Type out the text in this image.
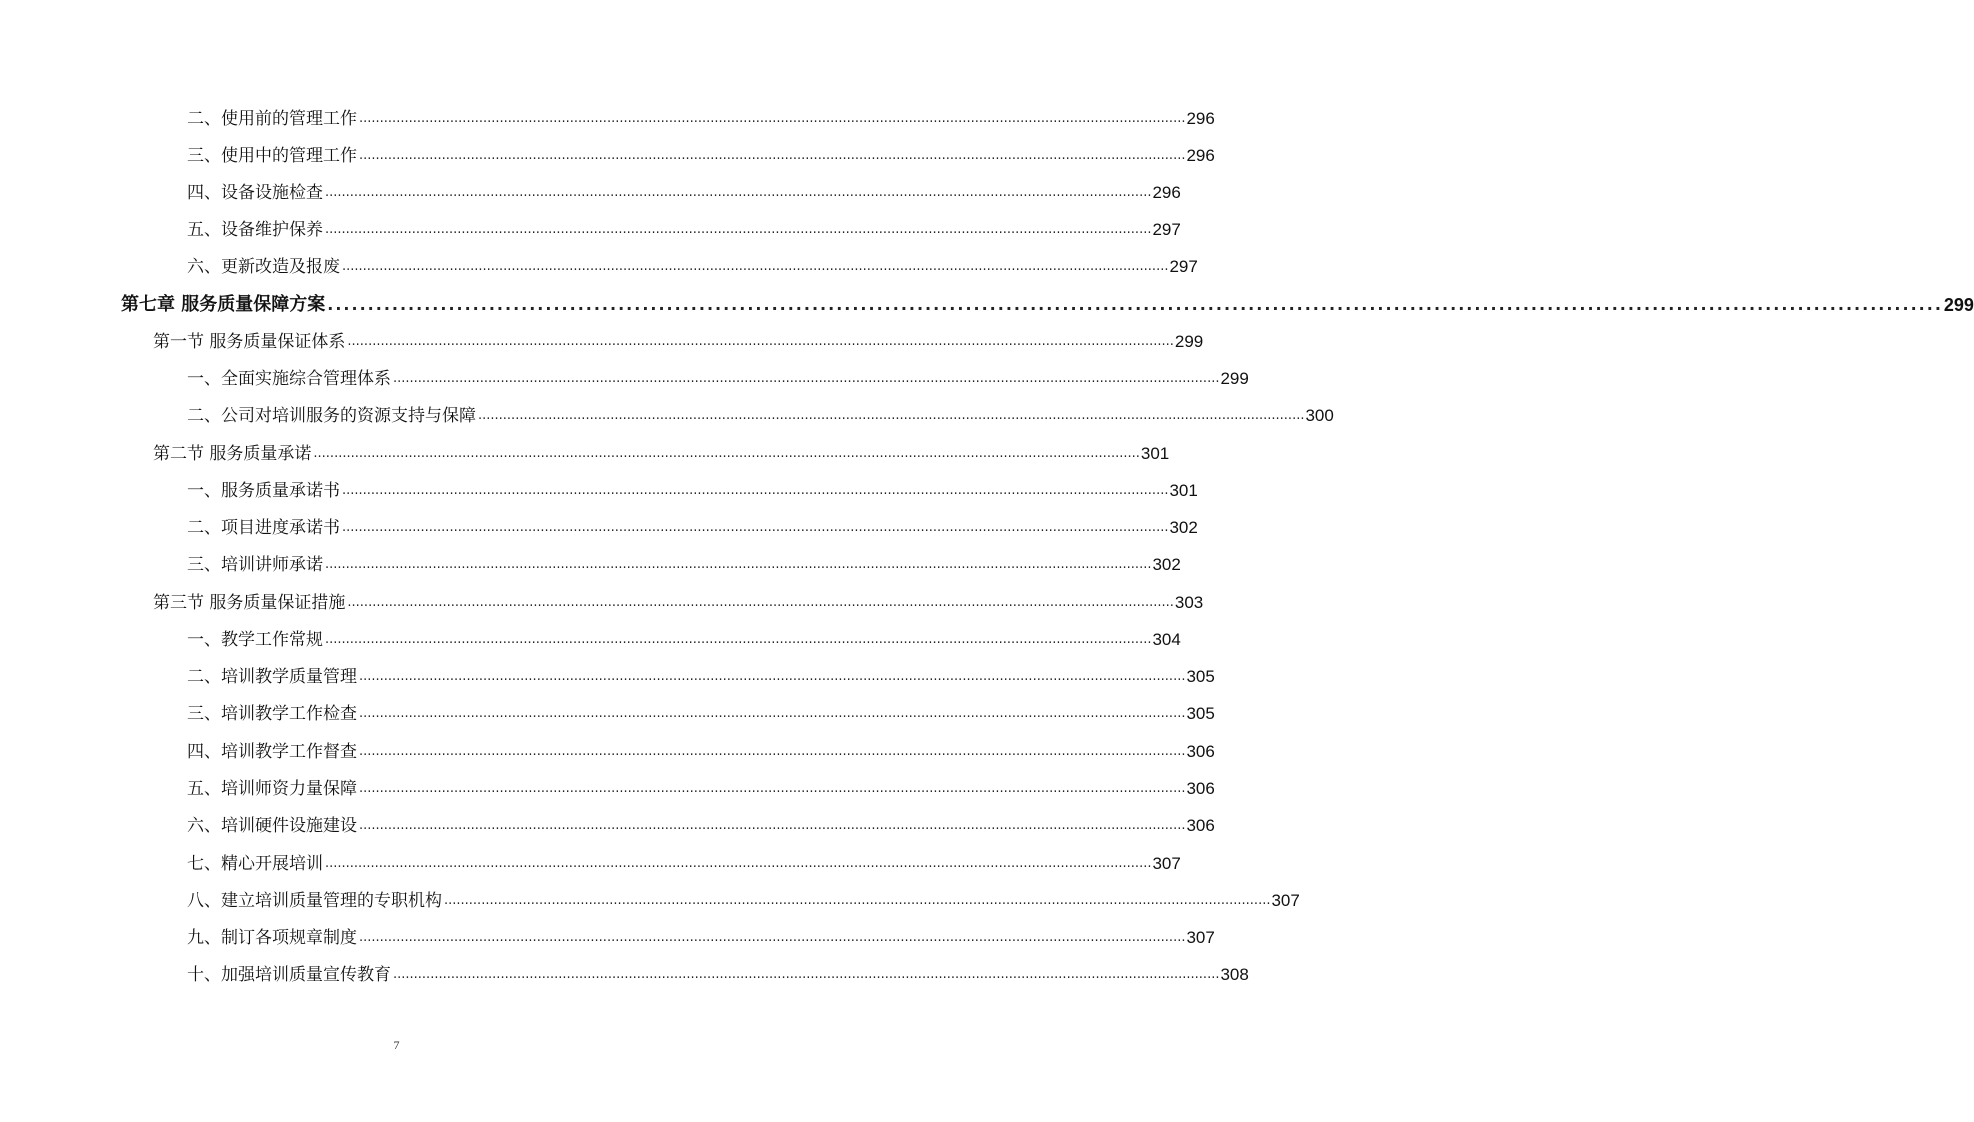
二、使用前的管理工作 ........................................................................................................................................................................................................ 296
三、使用中的管理工作 ........................................................................................................................................................................................................ 296
四、设备设施检查 ........................................................................................................................................................................................................ 296
五、设备维护保养 ........................................................................................................................................................................................................ 297
六、更新改造及报废 ........................................................................................................................................................................................................ 297
第七章 服务质量保障方案 ........................................................................................................................................................................................................ 299
第一节 服务质量保证体系 ........................................................................................................................................................................................................ 299
一、全面实施综合管理体系 ........................................................................................................................................................................................................ 299
二、公司对培训服务的资源支持与保障 ........................................................................................................................................................................................................ 300
第二节 服务质量承诺 ........................................................................................................................................................................................................ 301
一、服务质量承诺书 ........................................................................................................................................................................................................ 301
二、项目进度承诺书 ........................................................................................................................................................................................................ 302
三、培训讲师承诺 ........................................................................................................................................................................................................ 302
第三节 服务质量保证措施 ........................................................................................................................................................................................................ 303
一、教学工作常规 ........................................................................................................................................................................................................ 304
二、培训教学质量管理 ........................................................................................................................................................................................................ 305
三、培训教学工作检查 ........................................................................................................................................................................................................ 305
四、培训教学工作督查 ........................................................................................................................................................................................................ 306
五、培训师资力量保障 ........................................................................................................................................................................................................ 306
六、培训硬件设施建设 ........................................................................................................................................................................................................ 306
七、精心开展培训 ........................................................................................................................................................................................................ 307
八、建立培训质量管理的专职机构 ........................................................................................................................................................................................................ 307
九、制订各项规章制度 ........................................................................................................................................................................................................ 307
十、加强培训质量宣传教育 ........................................................................................................................................................................................................ 308
7
